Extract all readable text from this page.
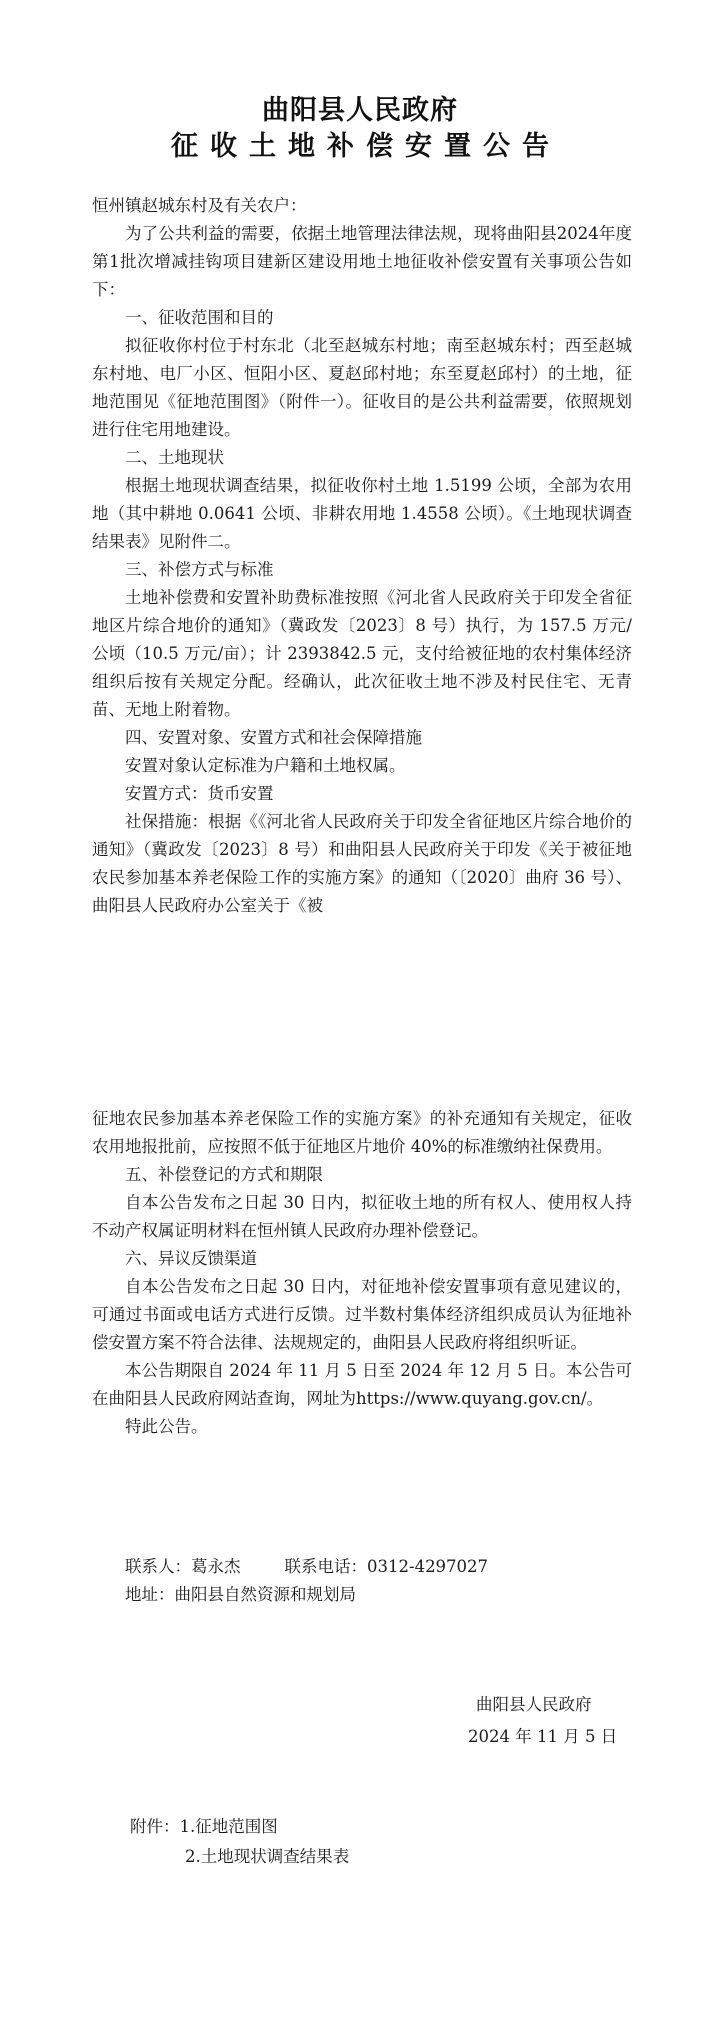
曲阳县人民政府
征收土地补偿安置公告

恒州镇赵城东村及有关农户：

为了公共利益的需要，依据土地管理法律法规，现将曲阳县2024年度第1批次增减挂钩项目建新区建设用地土地征收补偿安置有关事项公告如下：

一、征收范围和目的

拟征收你村位于村东北（北至赵城东村地；南至赵城东村；西至赵城东村地、电厂小区、恒阳小区、夏赵邱村地；东至夏赵邱村）的土地，征地范围见《征地范围图》（附件一）。征收目的是公共利益需要，依照规划进行住宅用地建设。

二、土地现状

根据土地现状调查结果，拟征收你村土地 1.5199 公顷，全部为农用地（其中耕地 0.0641 公顷、非耕农用地 1.4558 公顷）。《土地现状调查结果表》见附件二。

三、补偿方式与标准

土地补偿费和安置补助费标准按照《河北省人民政府关于印发全省征地区片综合地价的通知》（冀政发〔2023〕8 号）执行，为 157.5 万元/公顷（10.5 万元/亩）；计 2393842.5 元，支付给被征地的农村集体经济组织后按有关规定分配。经确认，此次征收土地不涉及村民住宅、无青苗、无地上附着物。

四、安置对象、安置方式和社会保障措施

安置对象认定标准为户籍和土地权属。

安置方式：货币安置

社保措施：根据《《河北省人民政府关于印发全省征地区片综合地价的通知》（冀政发〔2023〕8 号）和曲阳县人民政府关于印发《关于被征地农民参加基本养老保险工作的实施方案》的通知（〔2020〕曲府 36 号）、曲阳县人民政府办公室关于《被

征地农民参加基本养老保险工作的实施方案》的补充通知有关规定，征收农用地报批前，应按照不低于征地区片地价 40%的标准缴纳社保费用。

五、补偿登记的方式和期限

自本公告发布之日起 30 日内，拟征收土地的所有权人、使用权人持不动产权属证明材料在恒州镇人民政府办理补偿登记。

六、异议反馈渠道

自本公告发布之日起 30 日内，对征地补偿安置事项有意见建议的，可通过书面或电话方式进行反馈。过半数村集体经济组织成员认为征地补偿安置方案不符合法律、法规规定的，曲阳县人民政府将组织听证。

本公告期限自 2024 年 11 月 5 日至 2024 年 12 月 5 日。本公告可在曲阳县人民政府网站查询，网址为https://www.quyang.gov.cn/。

特此公告。

联系人：葛永杰	联系电话：0312-4297027

地址：曲阳县自然资源和规划局

曲阳县人民政府
2024 年 11 月 5 日
附件：1.征地范围图
2.土地现状调查结果表
